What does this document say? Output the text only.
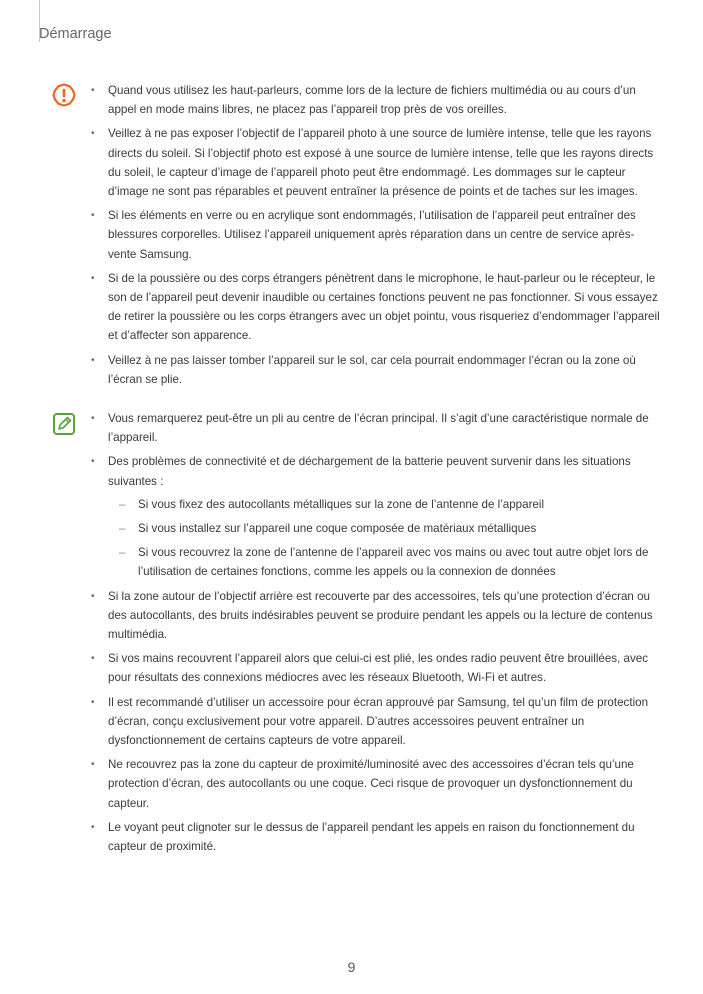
Démarrage
• Quand vous utilisez les haut-parleurs, comme lors de la lecture de fichiers multimédia ou au cours d’un appel en mode mains libres, ne placez pas l’appareil trop près de vos oreilles.
• Veillez à ne pas exposer l’objectif de l’appareil photo à une source de lumière intense, telle que les rayons directs du soleil. Si l’objectif photo est exposé à une source de lumière intense, telle que les rayons directs du soleil, le capteur d’image de l’appareil photo peut être endommagé. Les dommages sur le capteur d’image ne sont pas réparables et peuvent entraîner la présence de points et de taches sur les images.
• Si les éléments en verre ou en acrylique sont endommagés, l’utilisation de l’appareil peut entraîner des blessures corporelles. Utilisez l’appareil uniquement après réparation dans un centre de service après-vente Samsung.
• Si de la poussière ou des corps étrangers pénètrent dans le microphone, le haut-parleur ou le récepteur, le son de l’appareil peut devenir inaudible ou certaines fonctions peuvent ne pas fonctionner. Si vous essayez de retirer la poussière ou les corps étrangers avec un objet pointu, vous risqueriez d’endommager l’appareil et d’affecter son apparence.
• Veillez à ne pas laisser tomber l’appareil sur le sol, car cela pourrait endommager l’écran ou la zone où l’écran se plie.
• Vous remarquerez peut-être un pli au centre de l’écran principal. Il s’agit d’une caractéristique normale de l’appareil.
• Des problèmes de connectivité et de déchargement de la batterie peuvent survenir dans les situations suivantes :
– Si vous fixez des autocollants métalliques sur la zone de l’antenne de l’appareil
– Si vous installez sur l’appareil une coque composée de matériaux métalliques
– Si vous recouvrez la zone de l’antenne de l’appareil avec vos mains ou avec tout autre objet lors de l’utilisation de certaines fonctions, comme les appels ou la connexion de données
• Si la zone autour de l’objectif arrière est recouverte par des accessoires, tels qu’une protection d’écran ou des autocollants, des bruits indésirables peuvent se produire pendant les appels ou la lecture de contenus multimédia.
• Si vos mains recouvrent l’appareil alors que celui-ci est plié, les ondes radio peuvent être brouillées, avec pour résultats des connexions médiocres avec les réseaux Bluetooth, Wi-Fi et autres.
• Il est recommandé d’utiliser un accessoire pour écran approuvé par Samsung, tel qu’un film de protection d’écran, conçu exclusivement pour votre appareil. D’autres accessoires peuvent entraîner un dysfonctionnement de certains capteurs de votre appareil.
• Ne recouvrez pas la zone du capteur de proximité/luminosité avec des accessoires d’écran tels qu’une protection d’écran, des autocollants ou une coque. Ceci risque de provoquer un dysfonctionnement du capteur.
• Le voyant peut clignoter sur le dessus de l’appareil pendant les appels en raison du fonctionnement du capteur de proximité.
9
